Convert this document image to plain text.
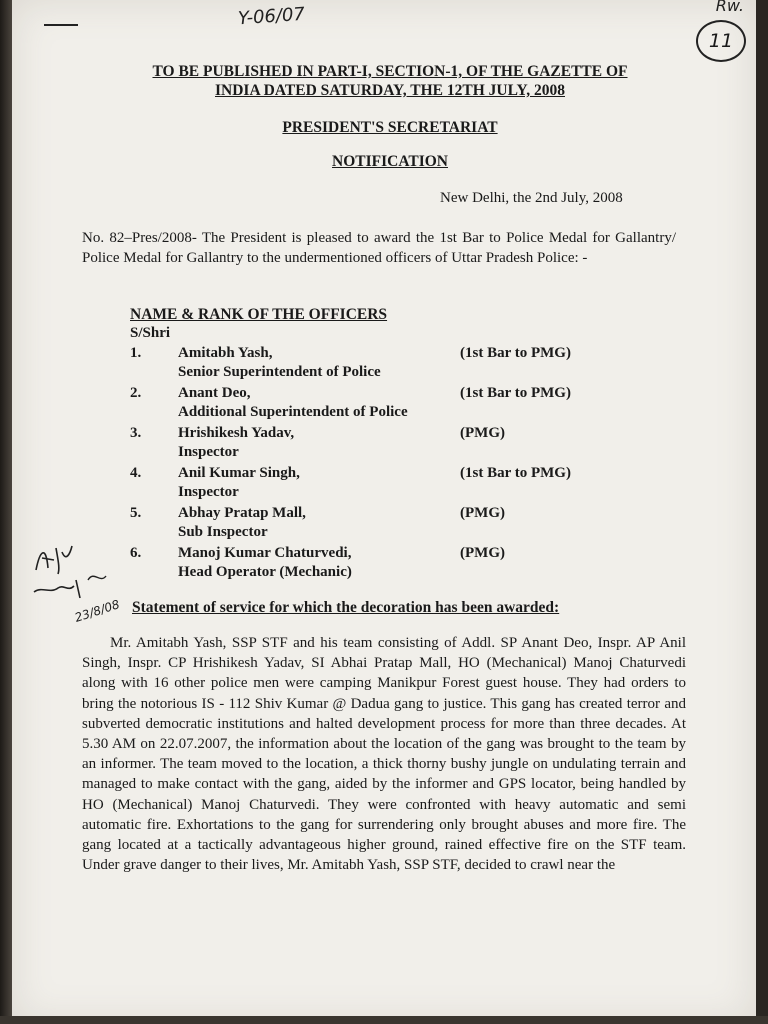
Y-06/07	Rw.
11

TO BE PUBLISHED IN PART-I, SECTION-1, OF THE GAZETTE OF
INDIA DATED SATURDAY, THE 12TH JULY, 2008

PRESIDENT'S SECRETARIAT

NOTIFICATION

New Delhi, the 2nd July, 2008

No. 82–Pres/2008- The President is pleased to award the 1st Bar to Police Medal for Gallantry/ Police Medal for Gallantry to the undermentioned officers of Uttar Pradesh Police: -

NAME & RANK OF THE OFFICERS

S/Shri

1. Amitabh Yash,	(1st Bar to PMG)
Senior Superintendent of Police
2. Anant Deo,	(1st Bar to PMG)
Additional Superintendent of Police
3. Hrishikesh Yadav,	(PMG)
Inspector
4. Anil Kumar Singh,	(1st Bar to PMG)
Inspector
5. Abhay Pratap Mall,	(PMG)
Sub Inspector
6. Manoj Kumar Chaturvedi,	(PMG)
Head Operator (Mechanic)
23/8/08 Statement of service for which the decoration has been awarded:

Mr. Amitabh Yash, SSP STF and his team consisting of Addl. SP Anant Deo, Inspr. AP Anil Singh, Inspr. CP Hrishikesh Yadav, SI Abhai Pratap Mall, HO (Mechanical) Manoj Chaturvedi along with 16 other police men were camping Manikpur Forest guest house. They had orders to bring the notorious IS - 112 Shiv Kumar @ Dadua gang to justice. This gang has created terror and subverted democratic institutions and halted development process for more than three decades. At 5.30 AM on 22.07.2007, the information about the location of the gang was brought to the team by an informer. The team moved to the location, a thick thorny bushy jungle on undulating terrain and managed to make contact with the gang, aided by the informer and GPS locator, being handled by HO (Mechanical) Manoj Chaturvedi. They were confronted with heavy automatic and semi automatic fire. Exhortations to the gang for surrendering only brought abuses and more fire. The gang located at a tactically advantageous higher ground, rained effective fire on the STF team. Under grave danger to their lives, Mr. Amitabh Yash, SSP STF, decided to crawl near the
